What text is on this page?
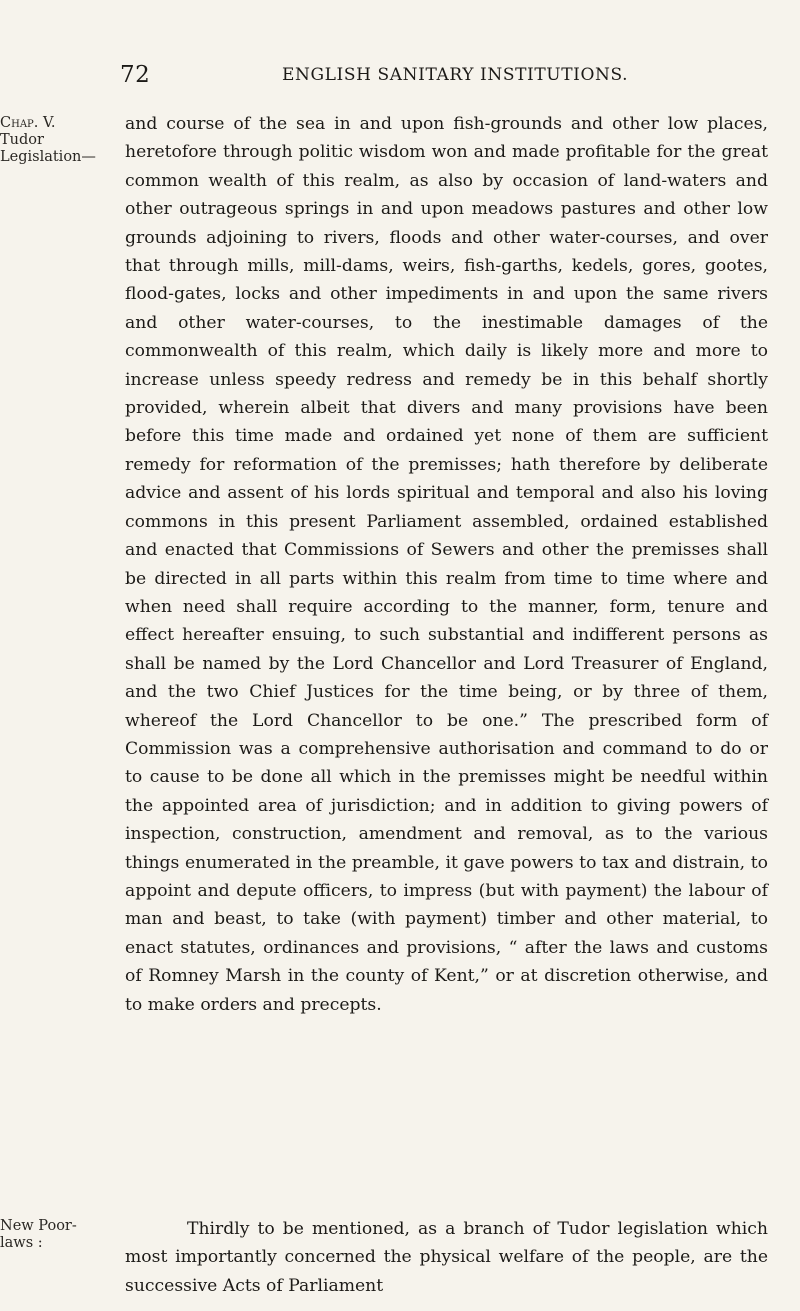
72	ENGLISH SANITARY INSTITUTIONS.
Chap. V.
Tudor
Legislation—
New Poor-
laws :

and course of the sea in and upon fish-grounds and other low places, heretofore through politic wisdom won and made profitable for the great common wealth of this realm, as also by occasion of land-waters and other outrageous springs in and upon meadows pastures and other low grounds adjoining to rivers, floods and other water-courses, and over that through mills, mill-dams, weirs, fish-garths, kedels, gores, gootes, flood-gates, locks and other impediments in and upon the same rivers and other water-courses, to the inestimable damages of the commonwealth of this realm, which daily is likely more and more to increase unless speedy redress and remedy be in this behalf shortly provided, wherein albeit that divers and many provisions have been before this time made and ordained yet none of them are sufficient remedy for reformation of the premisses; hath therefore by deliberate advice and assent of his lords spiritual and temporal and also his loving commons in this present Parliament assembled, ordained established and enacted that Commissions of Sewers and other the premisses shall be directed in all parts within this realm from time to time where and when need shall require according to the manner, form, tenure and effect hereafter ensuing, to such substantial and indifferent persons as shall be named by the Lord Chancellor and Lord Treasurer of England, and the two Chief Justices for the time being, or by three of them, whereof the Lord Chancellor to be one.” The prescribed form of Commission was a comprehensive authorisation and command to do or to cause to be done all which in the premisses might be needful within the appointed area of jurisdiction; and in addition to giving powers of inspection, construction, amendment and removal, as to the various things enumerated in the preamble, it gave powers to tax and distrain, to appoint and depute officers, to impress (but with payment) the labour of man and beast, to take (with payment) timber and other material, to enact statutes, ordinances and provisions, “ after the laws and customs of Romney Marsh in the county of Kent,” or at discretion otherwise, and to make orders and precepts.

Thirdly to be mentioned, as a branch of Tudor legislation which most importantly concerned the physical welfare of the people, are the successive Acts of Parliament
